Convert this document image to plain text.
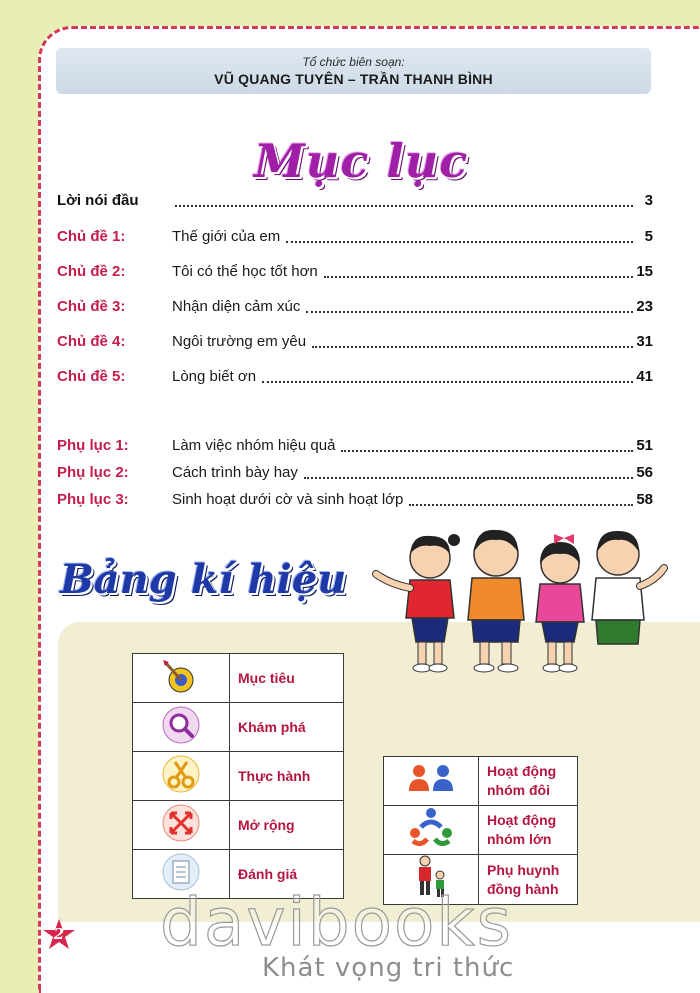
Tổ chức biên soạn:
VŨ QUANG TUYÊN – TRẦN THANH BÌNH
Mục lục
Lời nói đầu	3
Chủ đề 1:	Thế giới của em	5
Chủ đề 2:	Tôi có thể học tốt hơn	15
Chủ đề 3:	Nhận diện cảm xúc	23
Chủ đề 4:	Ngôi trường em yêu	31
Chủ đề 5:	Lòng biết ơn	41
Phụ lục 1:	Làm việc nhóm hiệu quả	51
Phụ lục 2:	Cách trình bày hay	56
Phụ lục 3:	Sinh hoạt dưới cờ và sinh hoạt lớp	58
Bảng kí hiệu
	Mục tiêu
	Khám phá
	Thực hành
	Mở rộng
	Đánh giá
	Hoạt động
nhóm đôi
	Hoạt động
nhóm lớn
	Phụ huynh
đồng hành
2 davibooks
Khát vọng tri thức
